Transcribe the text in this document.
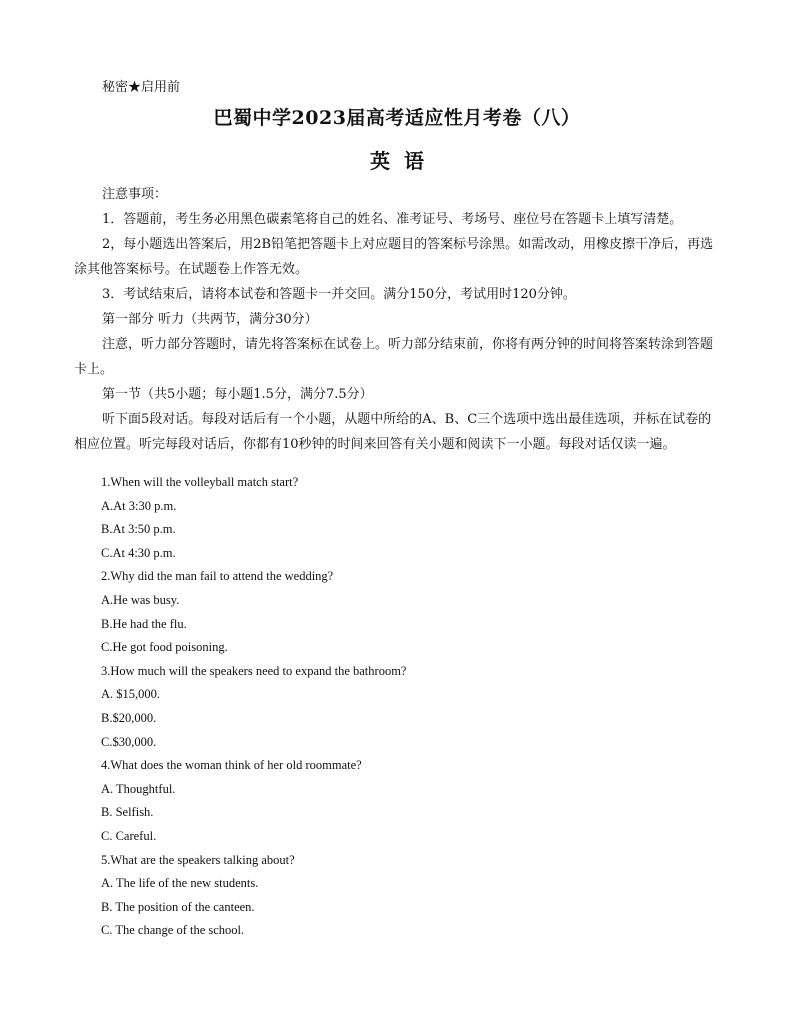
秘密★启用前
巴蜀中学2023届高考适应性月考卷（八）
英语

注意事项：

1．答题前，考生务必用黑色碳素笔将自己的姓名、准考证号、考场号、座位号在答题卡上填写清楚。

2，每小题选出答案后，用2B铅笔把答题卡上对应题目的答案标号涂黑。如需改动，用橡皮擦干净后，再选涂其他答案标号。在试题卷上作答无效。

3．考试结束后，请将本试卷和答题卡一并交回。满分150分，考试用时120分钟。

第一部分 听力（共两节，满分30分）

注意，听力部分答题时，请先将答案标在试卷上。听力部分结束前，你将有两分钟的时间将答案转涂到答题卡上。

第一节（共5小题；每小题1.5分，满分7.5分）

听下面5段对话。每段对话后有一个小题，从题中所给的A、B、C三个选项中选出最佳选项，并标在试卷的相应位置。听完每段对话后，你都有10秒钟的时间来回答有关小题和阅读下一小题。每段对话仅读一遍。

1.When will the volleyball match start?
A.At 3:30 p.m.
B.At 3:50 p.m.
C.At 4:30 p.m.
2.Why did the man fail to attend the wedding?
A.He was busy.
B.He had the flu.
C.He got food poisoning.
3.How much will the speakers need to expand the bathroom?
A. $15,000.
B.$20,000.
C.$30,000.
4.What does the woman think of her old roommate?
A. Thoughtful.
B. Selfish.
C. Careful.
5.What are the speakers talking about?
A. The life of the new students.
B. The position of the canteen.
C. The change of the school.
